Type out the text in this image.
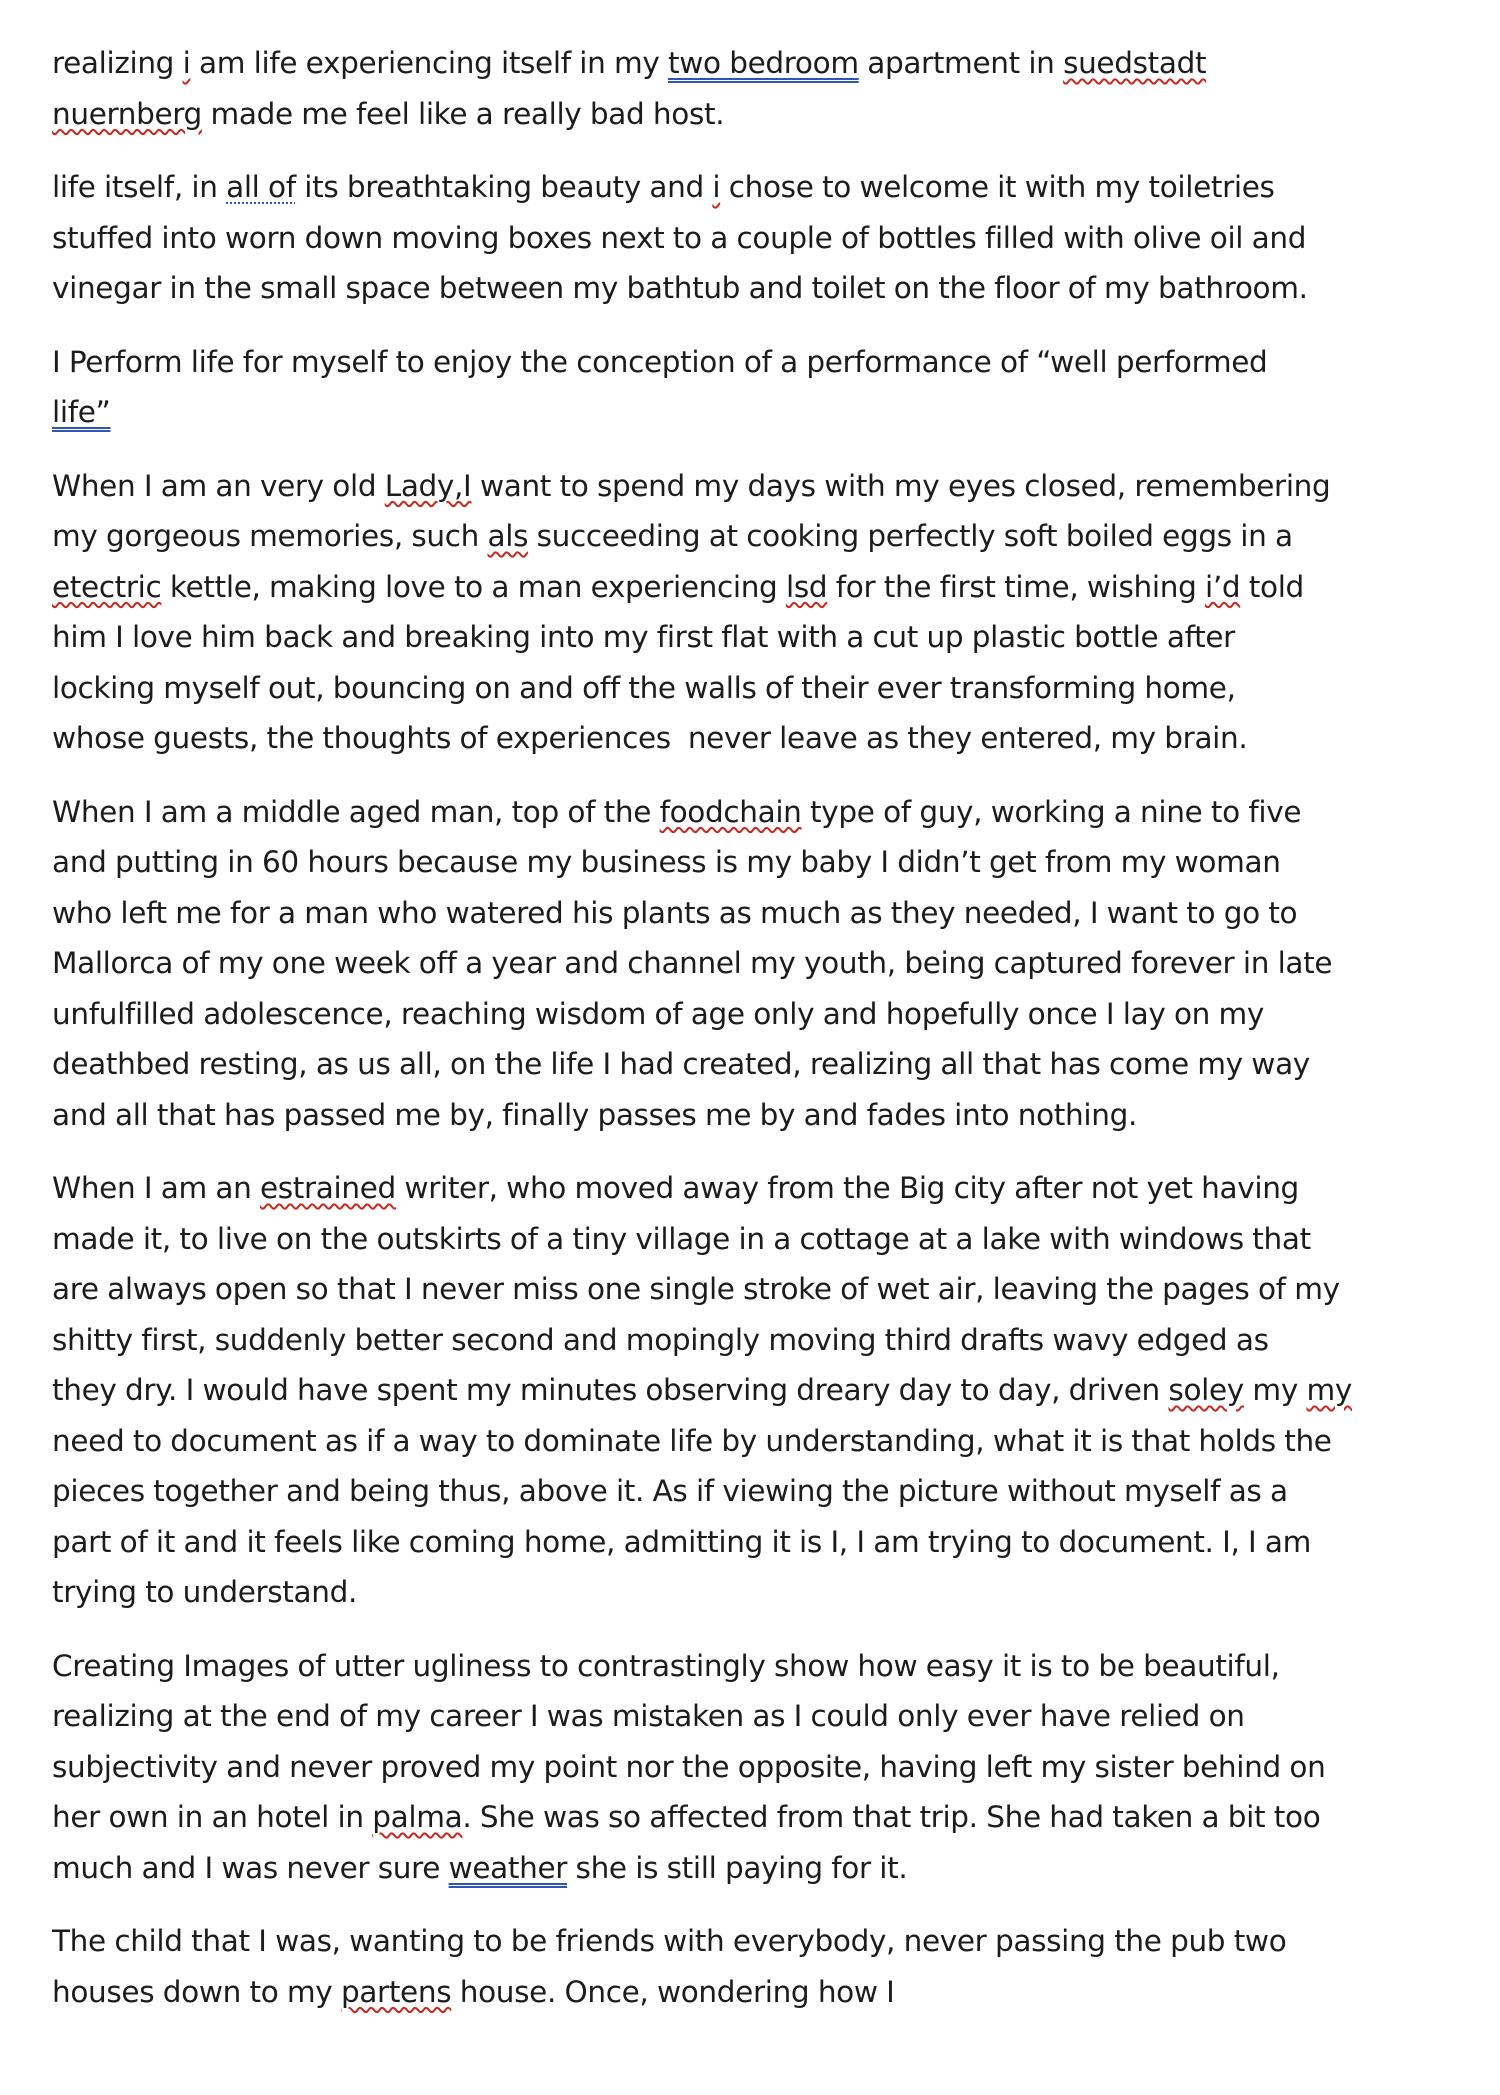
realizing i am life experiencing itself in my two bedroom apartment in suedstadt
nuernberg made me feel like a really bad host.

life itself, in all of its breathtaking beauty and i chose to welcome it with my toiletries
stuffed into worn down moving boxes next to a couple of bottles filled with olive oil and
vinegar in the small space between my bathtub and toilet on the floor of my bathroom.

I Perform life for myself to enjoy the conception of a performance of “well performed
life”

When I am an very old Lady,I want to spend my days with my eyes closed, remembering
my gorgeous memories, such als succeeding at cooking perfectly soft boiled eggs in a
etectric kettle, making love to a man experiencing lsd for the first time, wishing i’d told
him I love him back and breaking into my first flat with a cut up plastic bottle after
locking myself out, bouncing on and off the walls of their ever transforming home,
whose guests, the thoughts of experiences  never leave as they entered, my brain.

When I am a middle aged man, top of the foodchain type of guy, working a nine to five
and putting in 60 hours because my business is my baby I didn’t get from my woman
who left me for a man who watered his plants as much as they needed, I want to go to
Mallorca of my one week off a year and channel my youth, being captured forever in late
unfulfilled adolescence, reaching wisdom of age only and hopefully once I lay on my
deathbed resting, as us all, on the life I had created, realizing all that has come my way
and all that has passed me by, finally passes me by and fades into nothing.

When I am an estrained writer, who moved away from the Big city after not yet having
made it, to live on the outskirts of a tiny village in a cottage at a lake with windows that
are always open so that I never miss one single stroke of wet air, leaving the pages of my
shitty first, suddenly better second and mopingly moving third drafts wavy edged as
they dry. I would have spent my minutes observing dreary day to day, driven soley my my
need to document as if a way to dominate life by understanding, what it is that holds the
pieces together and being thus, above it. As if viewing the picture without myself as a
part of it and it feels like coming home, admitting it is I, I am trying to document. I, I am
trying to understand.

Creating Images of utter ugliness to contrastingly show how easy it is to be beautiful,
realizing at the end of my career I was mistaken as I could only ever have relied on
subjectivity and never proved my point nor the opposite, having left my sister behind on
her own in an hotel in palma. She was so affected from that trip. She had taken a bit too
much and I was never sure weather she is still paying for it.

The child that I was, wanting to be friends with everybody, never passing the pub two
houses down to my partens house. Once, wondering how I
